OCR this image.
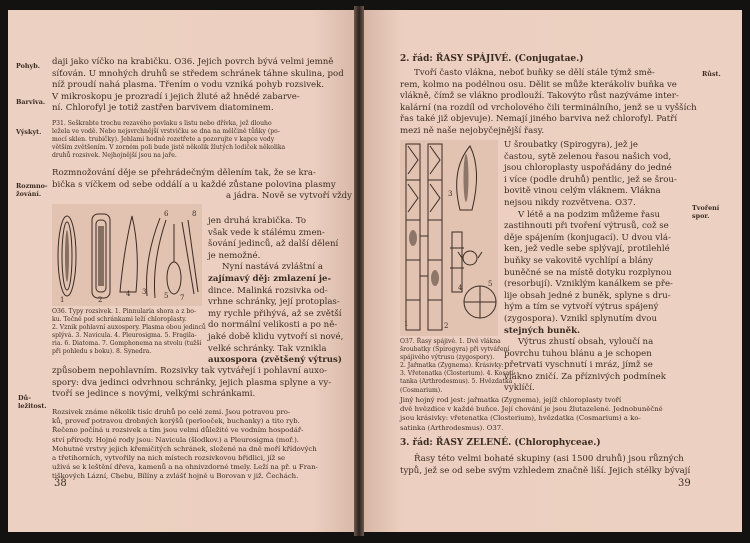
Pohyb.
Barviva.
Výskyt.
Rozmno-žování.
Dů-ležitost.
daji jako víčko na krabičku. O36. Jejich povrch bývá velmi jemně
síťován. U mnohých druhů se středem schránek táhne skulina, pod
níž proudí nahá plasma. Třením o vodu vzniká pohyb rozsivek.
V mikroskopu je prozradí i jejich žluté až hnědé zabarve-
ní. Chlorofyl je totiž zastřen barvivem diatominem.
P31. Seškrabte trochu rezavého povlaku s listu nebo dřívka, jež dlouho
ležela ve vodě. Nebo nejsvrchnější vrstvičku se dna na mělčině tůňky (po-
mocí sklen. trubičky). Jehlami hodně rozetřete a pozorujte v kapce vody
větším zvětšením. V zorném poli bude jistě několik žlutých lodiček několika
druhů rozsivek. Nejhojnější jsou na jaře.
Rozmnožování děje se přehrádečným dělením tak, že se kra-
bička s víčkem od sebe oddálí a u každé zůstane polovina plasmy
a jádra. Nově se vytvoří vždy
1	2
3
4	5
6
7
8
jen druhá krabička. To
však vede k stálému zmen-
šování jedinců, až další dělení
je nemožné.
Nyní nastává zvláštní a
zajímavý děj: zmlazení je-
dince. Malinká rozsivka od-
vrhne schránky, její protoplas-
my rychle přihývá, až se zvětší
do normální velikosti a po ně-
jaké době klidu vytvoří si nové,
velké schránky. Tak vznikla
auxospora (zvětšený výtrus)
O36. Typy rozsivek. 1. Pinnularia shora a z bo-
ku. Tečně pod schránkami leží chloroplasty.
2. Vznik pohlavní auxospory. Plasma obou jedinců
splývá. 3. Navicula. 4. Pleurosigma. 5. Fragila-
ria. 6. Diatoma. 7. Gomphonema na stvolu (tužší
při pohledu s boku). 8. Synedra.
způsobem nepohlavním. Rozsivky tak vytvářejí i pohlavní auxo-
spory: dva jedinci odvrhnou schránky, jejich plasma splyne a vy-
tvoří se jedince s novými, velkými schránkami.
Rozsivek známe několik tisíc druhů po celé zemi. Jsou potravou pro-
ků, proveď potravou drobných korýšů (perlooček, buchanky) a tito ryb.
Řečeno počíná u rozsivek a tím jsou velmi důležité ve vodním hospodář-
ství přírody. Hojné rody jsou: Navicula (šlodkov.) a Pleurosigma (moř.).
Mohutné vrstvy jejich křemičitých schránek, složené na dně moří křídových
a třetihorních, vytvořily na nich místech rozsivkovou břidlici, jíž se
užívá se k leštění dřeva, kamenů a na ohnivzdorné tmely. Leží na př. u Fran-
tiškových Lázní, Chebu, Bílíny a zvlášť hojně u Borovan v již. Čechách.
38
2. řád: ŘASY SPÁJIVÉ. (Conjugatae.)
Růst.
Tvoření spor.
Tvoří často vlákna, neboť buňky se dělí stále týmž smě-
rem, kolmo na podélnou osu. Dělit se může kterákoliv buňka ve
vlákně, čímž se vlákno prodlouží. Takovýto růst nazýváme inter-
kalární (na rozdíl od vrcholového čili terminálního, jenž se u vyšších
řas také již objevuje). Nemají jiného barviva než chlorofyl. Patří
mezi ně naše nejobyčejnější řasy.
1	2
3
4	5
U šroubatky (Spirogyra), jež je
častou, sytě zelenou řasou našich vod,
jsou chloroplasty uspořádány do jedné
i více (podle druhů) pentlic, jež se šrou-
bovitě vinou celým vláknem. Vlákna
nejsou nikdy rozvětvena. O37.
V létě a na podzim můžeme řasu
zastihnouti při tvoření výtrusů, což se
děje spájením (konjugací). U dvou vlá-
ken, jež vedle sebe splývají, protilehlé
buňky se vakovitě vychlípí a blány
buněčné se na místě dotyku rozplynou
(resorbují). Vzniklým kanálkem se pře-
lije obsah jedné z buněk, splyne s dru-
hým a tím se vytvoří výtrus spájený
(zygospora). Vznikl splynutím dvou
stejných buněk.
Výtrus zhustí obsah, vyloučí na
povrchu tuhou blánu a je schopen
přetrvati vyschnutí i mráz, jímž se
vlákno zničí. Za příznivých podmínek
vyklíčí.
O37. Řasy spájivé. 1. Dvě vlákna
šroubatky (Spirogyra) při vytváření
spájivého výtrusu (zygospory).
2. Jařmatka (Zygnema). Krásivky:
3. Vřetenatka (Closterium). 4. Kosatí-
tanka (Arthrodesmus). 5. Hvězdatka
(Cosmarium).
Jiný hojný rod jest: jařmatka (Zygnema), jejíž chloroplasty tvoří
dvě hvězdice v každé buňce. Její chování je jsou žlutazelené. Jednobuněčné
jsou krásivky: vřetenatka (Closterium), hvězdatka (Cosmarium) a ko-
satinka (Arthrodesmus). O37.
3. řád: ŘASY ZELENÉ. (Chlorophyceae.)
Řasy této velmi bohaté skupiny (asi 1500 druhů) jsou různých
typů, jež se od sebe svým vzhledem značně liší. Jejich stélky bývají
39
